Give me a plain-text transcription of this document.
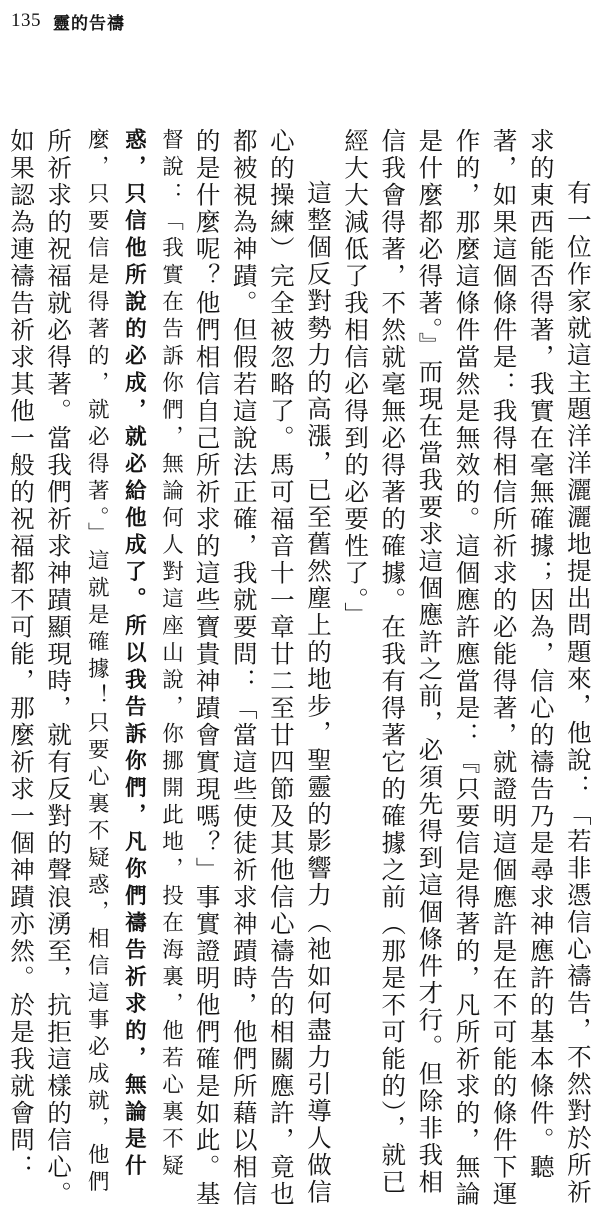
135 靈的告禱
有一位作家就這主題洋洋灑灑地提出問題來，他說：「若非憑信心禱告，不然對於所祈
求的東西能否得著，我實在毫無確據；因為，信心的禱告乃是尋求神應許的基本條件。聽
著，如果這個條件是：我得相信所祈求的必能得著，就證明這個應許是在不可能的條件下運
作的，那麼這條件當然是無效的。這個應許應當是：『只要信是得著的，凡所祈求的，無論
是什麼都必得著。』而現在當我要求這個應許之前，必須先得到這個條件才行。但除非我相
信我會得著，不然就毫無必得著的確據。在我有得著它的確據之前（那是不可能的），就已
經大大減低了我相信必得到的必要性了。」
這整個反對勢力的高漲，已至舊然塵上的地步，聖靈的影響力（祂如何盡力引導人做信
心的操練）完全被忽略了。馬可福音十一章廿二至廿四節及其他信心禱告的相關應許，竟也
都被視為神蹟。但假若這說法正確，我就要問：「當這些使徒祈求神蹟時，他們所藉以相信
的是什麼呢？他們相信自己所祈求的這些寶貴神蹟會實現嗎？」事實證明他們確是如此。基
督說：「我實在告訴你們，無論何人對這座山說，你挪開此地，投在海裏，他若心裏不疑
惑，只信他所說的必成，就必給他成了。所以我告訴你們，凡你們禱告祈求的，無論是什
麼，只要信是得著的，就必得著。」這就是確據！只要心裏不疑惑，相信這事必成就，他們
所祈求的祝福就必得著。當我們祈求神蹟顯現時，就有反對的聲浪湧至，抗拒這樣的信心。
如果認為連禱告祈求其他一般的祝福都不可能，那麼祈求一個神蹟亦然。於是我就會問：
